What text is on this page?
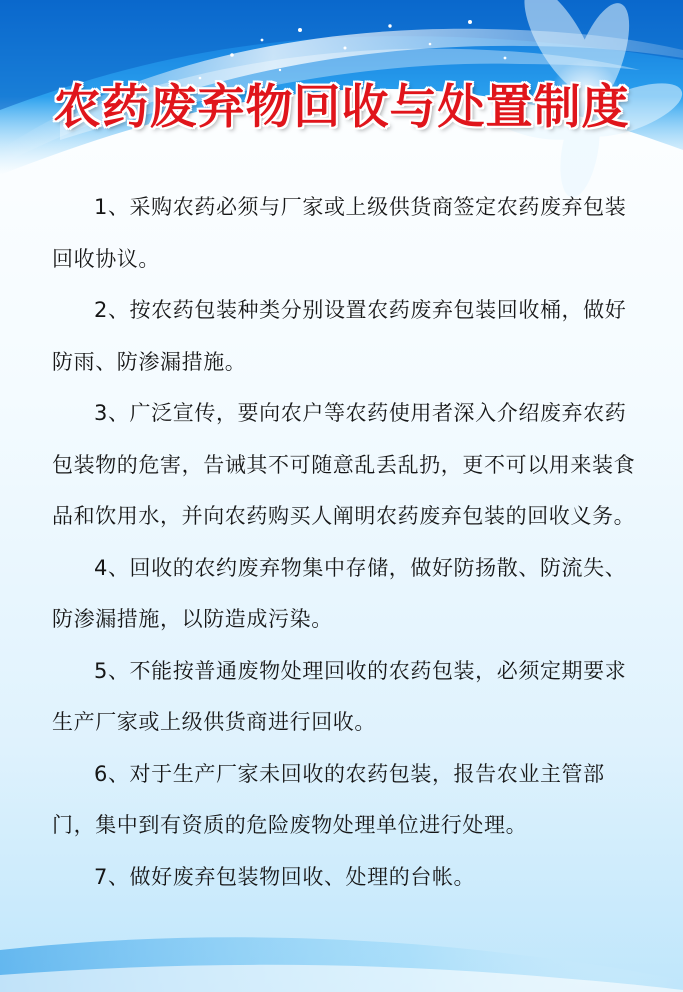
农药废弃物回收与处置制度

1、采购农药必须与厂家或上级供货商签定农药废弃包装回收协议。

2、按农药包装种类分别设置农药废弃包装回收桶，做好防雨、防渗漏措施。

3、广泛宣传，要向农户等农药使用者深入介绍废弃农药包装物的危害，告诫其不可随意乱丢乱扔，更不可以用来装食品和饮用水，并向农药购买人阐明农药废弃包装的回收义务。

4、回收的农约废弃物集中存储，做好防扬散、防流失、防渗漏措施，以防造成污染。

5、不能按普通废物处理回收的农药包装，必须定期要求生产厂家或上级供货商进行回收。

6、对于生产厂家未回收的农药包装，报告农业主管部门，集中到有资质的危险废物处理单位进行处理。

7、做好废弃包装物回收、处理的台帐。
